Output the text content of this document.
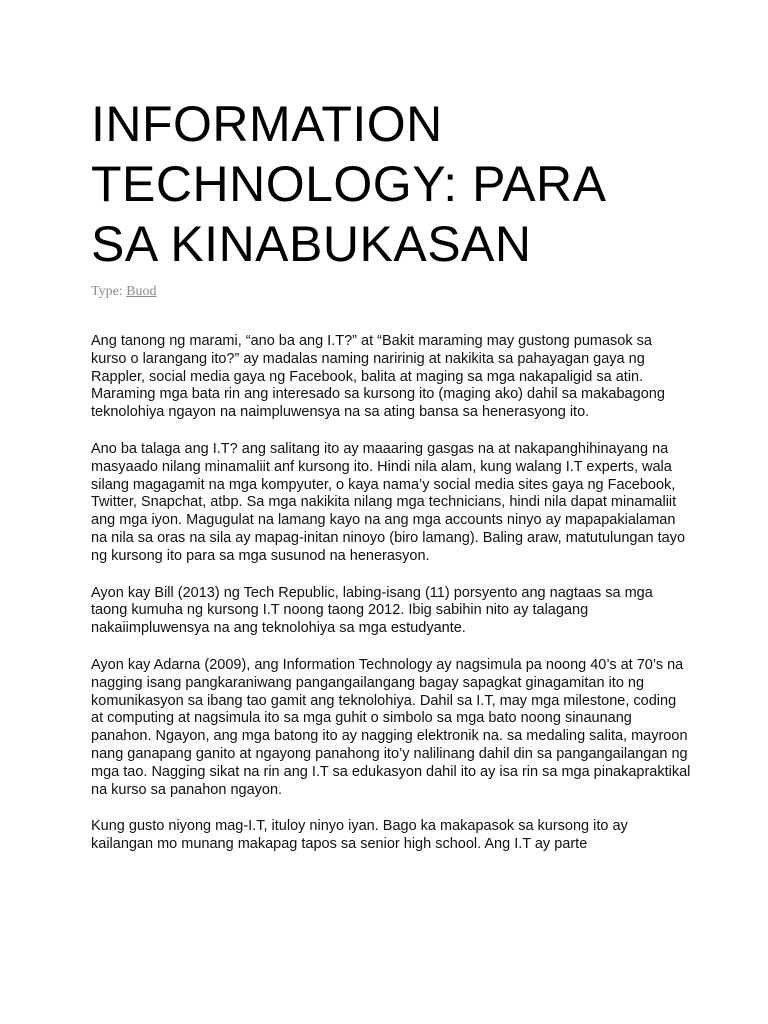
INFORMATION
TECHNOLOGY: PARA
SA KINABUKASAN
Type: Buod

Ang tanong ng marami, “ano ba ang I.T?” at “Bakit maraming may gustong pumasok sa kurso o larangang ito?” ay madalas naming naririnig at nakikita sa pahayagan gaya ng Rappler, social media gaya ng Facebook, balita at maging sa mga nakapaligid sa atin. Maraming mga bata rin ang interesado sa kursong ito (maging ako) dahil sa makabagong teknolohiya ngayon na naimpluwensya na sa ating bansa sa henerasyong ito.

Ano ba talaga ang I.T? ang salitang ito ay maaaring gasgas na at nakapanghihinayang na masyaado nilang minamaliit anf kursong ito. Hindi nila alam, kung walang I.T experts, wala silang magagamit na mga kompyuter, o kaya nama’y social media sites gaya ng Facebook, Twitter, Snapchat, atbp. Sa mga nakikita nilang mga technicians, hindi nila dapat minamaliit ang mga iyon. Magugulat na lamang kayo na ang mga accounts ninyo ay mapapakialaman na nila sa oras na sila ay mapag-initan ninoyo (biro lamang). Baling araw, matutulungan tayo ng kursong ito para sa mga susunod na henerasyon.

Ayon kay Bill (2013) ng Tech Republic, labing-isang (11) porsyento ang nagtaas sa mga taong kumuha ng kursong I.T noong taong 2012. Ibig sabihin nito ay talagang nakaiimpluwensya na ang teknolohiya sa mga estudyante.

Ayon kay Adarna (2009), ang Information Technology ay nagsimula pa noong 40’s at 70’s na nagging isang pangkaraniwang pangangailangang bagay sapagkat ginagamitan ito ng komunikasyon sa ibang tao gamit ang teknolohiya. Dahil sa I.T, may mga milestone, coding at computing at nagsimula ito sa mga guhit o simbolo sa mga bato noong sinaunang panahon. Ngayon, ang mga batong ito ay nagging elektronik na. sa medaling salita, mayroon nang ganapang ganito at ngayong panahong ito’y nalilinang dahil din sa pangangailangan ng mga tao. Nagging sikat na rin ang I.T sa edukasyon dahil ito ay isa rin sa mga pinakapraktikal na kurso sa panahon ngayon.

Kung gusto niyong mag-I.T, ituloy ninyo iyan. Bago ka makapasok sa kursong ito ay kailangan mo munang makapag tapos sa senior high school. Ang I.T ay parte
